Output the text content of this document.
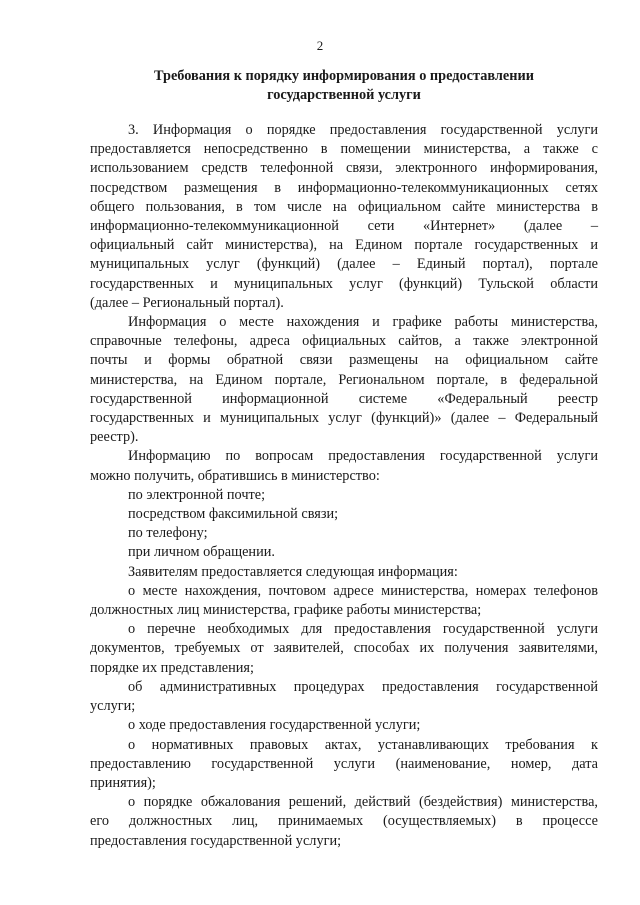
2
Требования к порядку информирования о предоставлении
государственной услуги
3. Информация о порядке предоставления государственной услуги
предоставляется непосредственно в помещении министерства, а также с
использованием средств телефонной связи, электронного информирования,
посредством размещения в информационно-телекоммуникационных сетях
общего пользования, в том числе на официальном сайте министерства в
информационно-телекоммуникационной сети «Интернет» (далее –
официальный сайт министерства), на Едином портале государственных и
муниципальных услуг (функций) (далее – Единый портал), портале
государственных и муниципальных услуг (функций) Тульской области
(далее – Региональный портал).
Информация о месте нахождения и графике работы министерства,
справочные телефоны, адреса официальных сайтов, а также электронной
почты и формы обратной связи размещены на официальном сайте
министерства, на Едином портале, Региональном портале, в федеральной
государственной информационной системе «Федеральный реестр
государственных и муниципальных услуг (функций)» (далее – Федеральный
реестр).
Информацию по вопросам предоставления государственной услуги
можно получить, обратившись в министерство:
по электронной почте;
посредством факсимильной связи;
по телефону;
при личном обращении.
Заявителям предоставляется следующая информация:
о месте нахождения, почтовом адресе министерства, номерах телефонов
должностных лиц министерства, графике работы министерства;
о перечне необходимых для предоставления государственной услуги
документов, требуемых от заявителей, способах их получения заявителями,
порядке их представления;
об административных процедурах предоставления государственной
услуги;
о ходе предоставления государственной услуги;
о нормативных правовых актах, устанавливающих требования к
предоставлению государственной услуги (наименование, номер, дата
принятия);
о порядке обжалования решений, действий (бездействия) министерства,
его должностных лиц, принимаемых (осуществляемых) в процессе
предоставления государственной услуги;
